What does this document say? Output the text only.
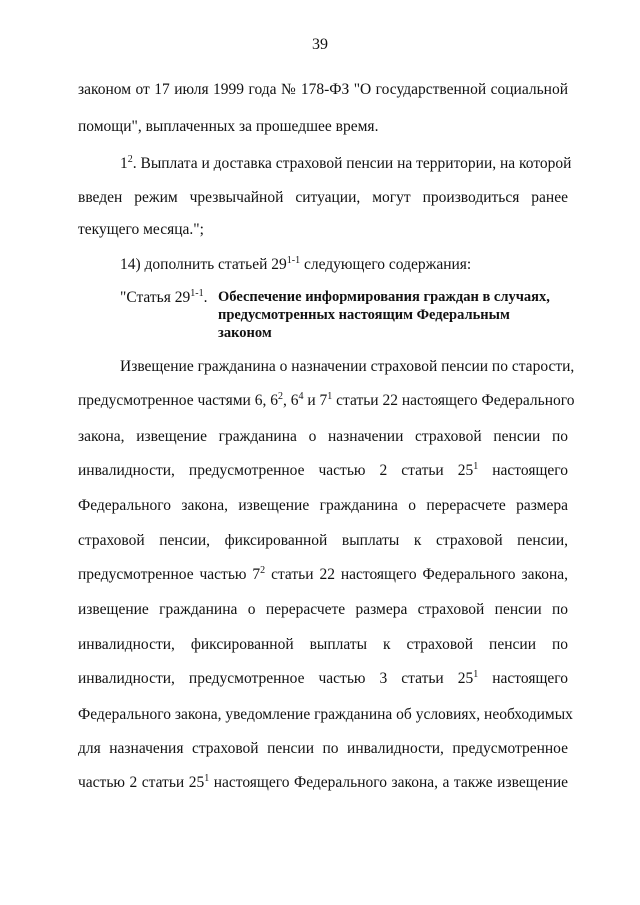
39
законом от 17 июля 1999 года № 178-ФЗ "О государственной социальной
помощи", выплаченных за прошедшее время.
$1^2$. Выплата и доставка страховой пенсии на территории, на которой
введен режим чрезвычайной ситуации, могут производиться ранее
текущего месяца.";
14) дополнить статьей 29$^{1-1}$ следующего содержания:
"Статья 29$^{1-1}$. Обеспечение информирования граждан в случаях,
предусмотренных настоящим Федеральным
законом
Извещение гражданина о назначении страховой пенсии по старости,
предусмотренное частями 6, $6^2$, $6^4$ и $7^1$ статьи 22 настоящего Федерального
закона, извещение гражданина о назначении страховой пенсии по
инвалидности, предусмотренное частью 2 статьи $25^1$ настоящего
Федерального закона, извещение гражданина о перерасчете размера
страховой пенсии, фиксированной выплаты к страховой пенсии,
предусмотренное частью $7^2$ статьи 22 настоящего Федерального закона,
извещение гражданина о перерасчете размера страховой пенсии по
инвалидности, фиксированной выплаты к страховой пенсии по
инвалидности, предусмотренное частью 3 статьи $25^1$ настоящего
Федерального закона, уведомление гражданина об условиях, необходимых
для назначения страховой пенсии по инвалидности, предусмотренное
частью 2 статьи $25^1$ настоящего Федерального закона, а также извещение
